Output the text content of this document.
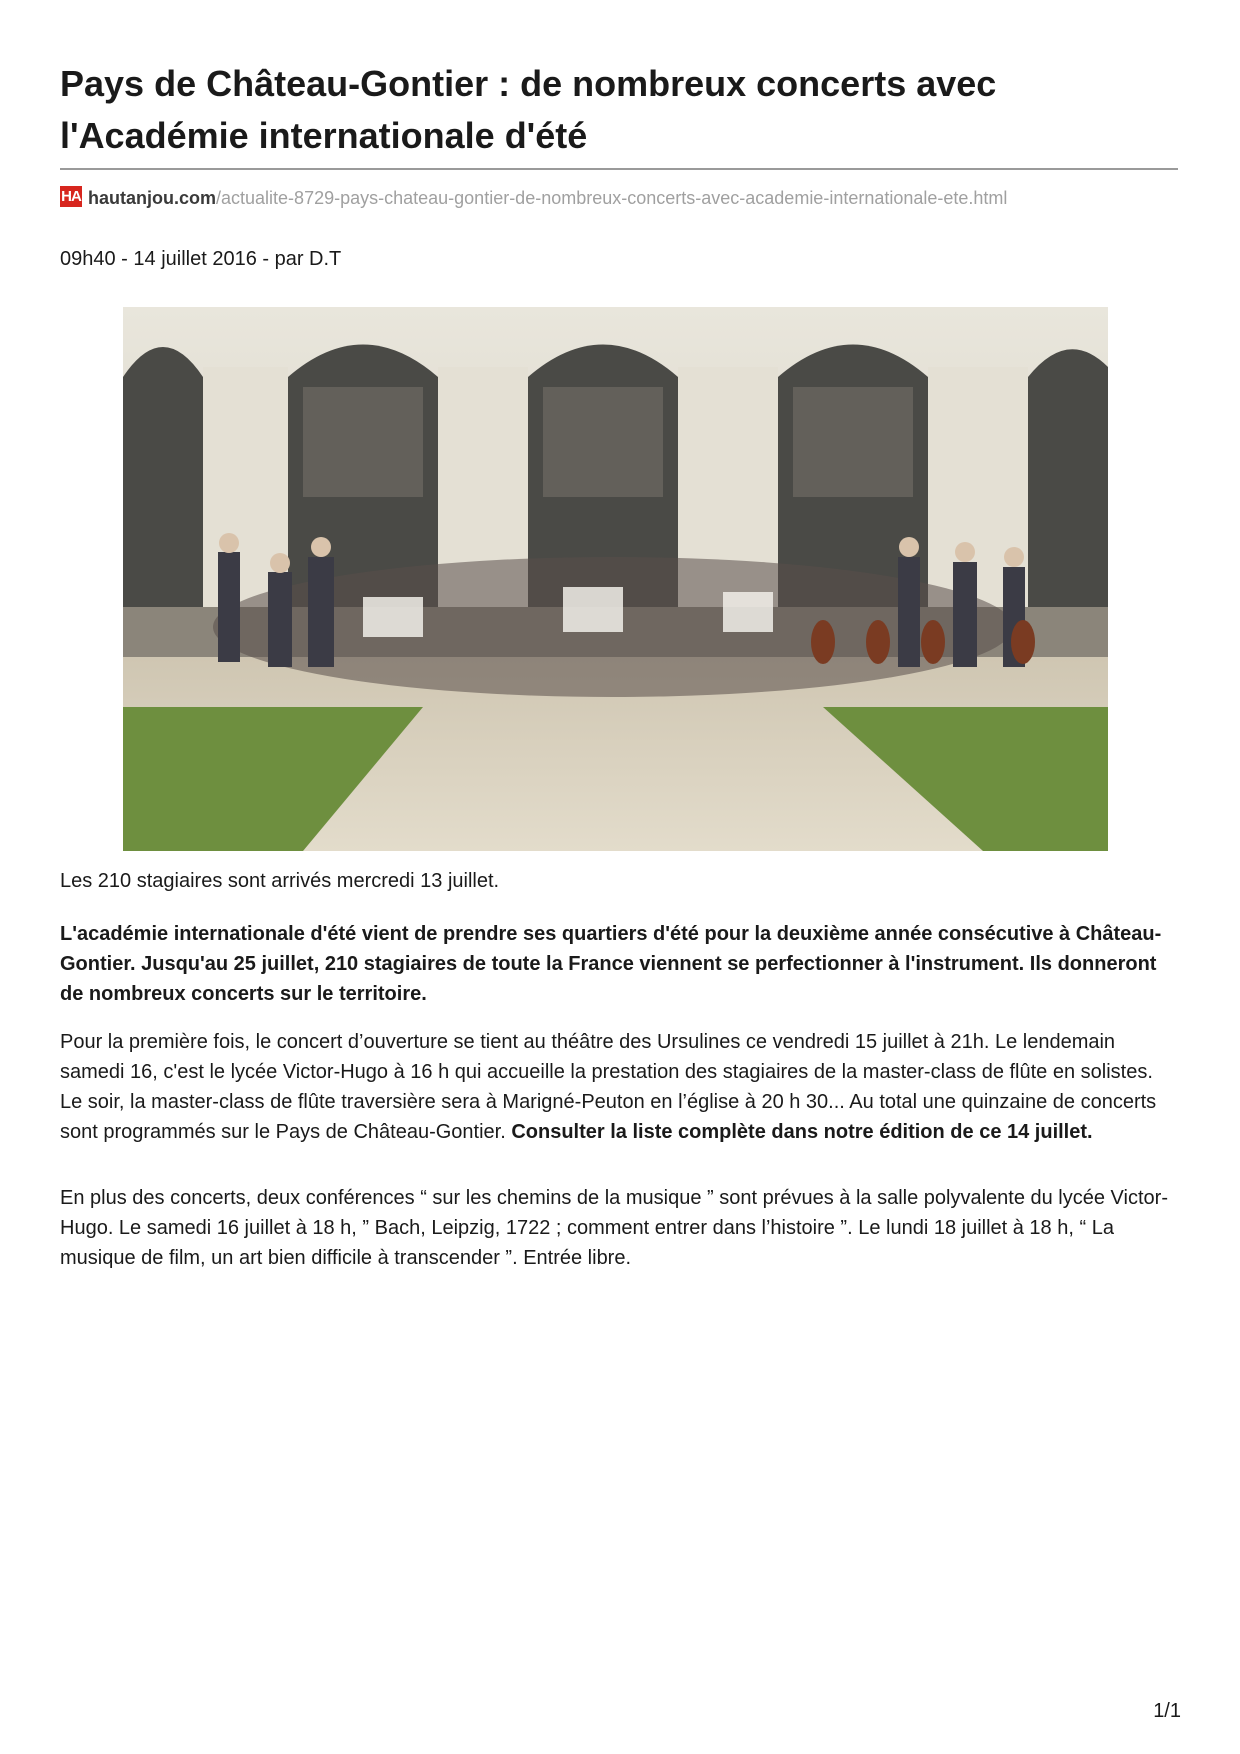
Pays de Château-Gontier : de nombreux concerts avec l'Académie internationale d'été
HA hautanjou.com/actualite-8729-pays-chateau-gontier-de-nombreux-concerts-avec-academie-internationale-ete.html
09h40 - 14 juillet 2016 - par D.T

Les 210 stagiaires sont arrivés mercredi 13 juillet.

L'académie internationale d'été vient de prendre ses quartiers d'été pour la deuxième année consécutive à Château-Gontier. Jusqu'au 25 juillet, 210 stagiaires de toute la France viennent se perfectionner à l'instrument. Ils donneront de nombreux concerts sur le territoire.

Pour la première fois, le concert d’ouverture se tient au théâtre des Ursulines ce vendredi 15 juillet à 21h. Le lendemain samedi 16, c'est le lycée Victor-Hugo à 16 h qui accueille la prestation des stagiaires de la master-class de flûte en solistes. Le soir, la master-class de flûte traversière sera à Marigné-Peuton en l’église à 20 h 30... Au total une quinzaine de concerts sont programmés sur le Pays de Château-Gontier. Consulter la liste complète dans notre édition de ce 14 juillet.

En plus des concerts, deux conférences “ sur les chemins de la musique ” sont prévues à la salle polyvalente du lycée Victor-Hugo. Le samedi 16 juillet à 18 h, ” Bach, Leipzig, 1722 ; comment entrer dans l’histoire ”. Le lundi 18 juillet à 18 h, “ La musique de film, un art bien difficile à transcender ”. Entrée libre.

1/1
